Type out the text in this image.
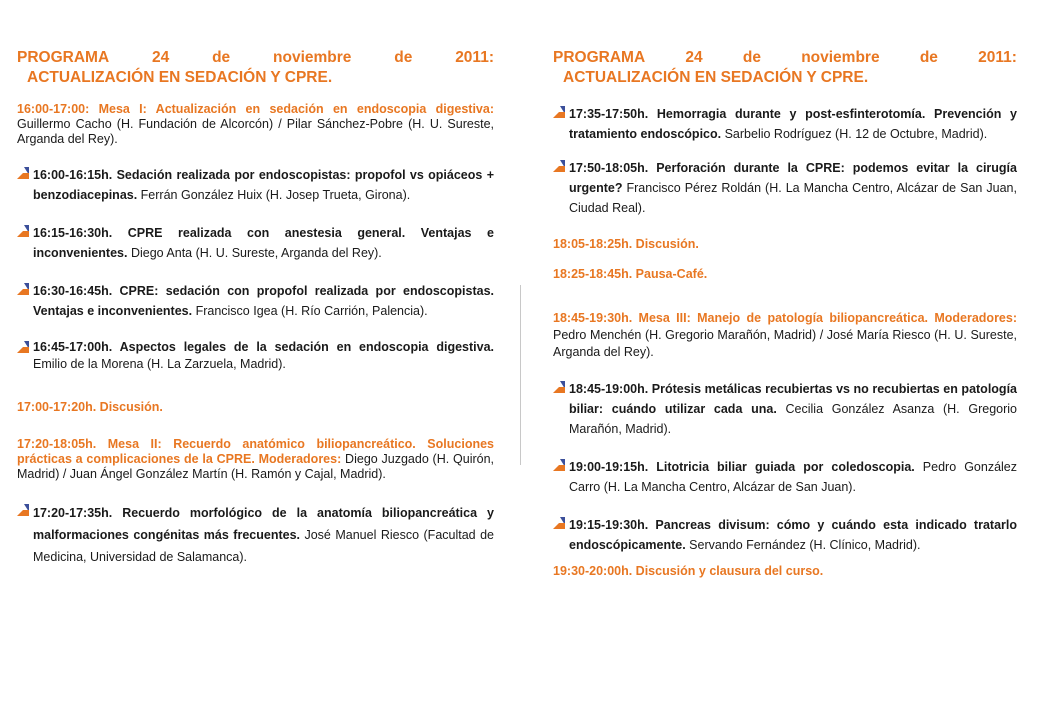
PROGRAMA	24	de	noviembre	de	2011:
ACTUALIZACIÓN EN SEDACIÓN Y CPRE.

16:00-17:00: Mesa I: Actualización en sedación en endoscopia digestiva: Guillermo Cacho (H. Fundación de Alcorcón) / Pilar Sánchez-Pobre (H. U. Sureste, Arganda del Rey).

16:00-16:15h. Sedación realizada por endoscopistas: propofol vs opiáceos + benzodiacepinas. Ferrán González Huix (H. Josep Trueta, Girona).
16:15-16:30h. CPRE realizada con anestesia general. Ventajas e inconvenientes. Diego Anta (H. U. Sureste, Arganda del Rey).
16:30-16:45h. CPRE: sedación con propofol realizada por endoscopistas. Ventajas e inconvenientes. Francisco Igea (H. Río Carrión, Palencia).
16:45-17:00h. Aspectos legales de la sedación en endoscopia digestiva. Emilio de la Morena (H. La Zarzuela, Madrid).

17:00-17:20h. Discusión.

17:20-18:05h. Mesa II: Recuerdo anatómico biliopancreático. Soluciones prácticas a complicaciones de la CPRE. Moderadores: Diego Juzgado (H. Quirón, Madrid) / Juan Ángel González Martín (H. Ramón y Cajal, Madrid).

17:20-17:35h. Recuerdo morfológico de la anatomía biliopancreática y malformaciones congénitas más frecuentes. José Manuel Riesco (Facultad de Medicina, Universidad de Salamanca).
PROGRAMA	24	de	noviembre	de	2011:
ACTUALIZACIÓN EN SEDACIÓN Y CPRE.
17:35-17:50h. Hemorragia durante y post-esfinterotomía. Prevención y tratamiento endoscópico. Sarbelio Rodríguez (H. 12 de Octubre, Madrid).
17:50-18:05h. Perforación durante la CPRE: podemos evitar la cirugía urgente? Francisco Pérez Roldán (H. La Mancha Centro, Alcázar de San Juan, Ciudad Real).

18:05-18:25h. Discusión.

18:25-18:45h. Pausa-Café.

18:45-19:30h. Mesa III: Manejo de patología biliopancreática. Moderadores: Pedro Menchén (H. Gregorio Marañón, Madrid) / José María Riesco (H. U. Sureste, Arganda del Rey).

18:45-19:00h. Prótesis metálicas recubiertas vs no recubiertas en patología biliar: cuándo utilizar cada una. Cecilia González Asanza (H. Gregorio Marañón, Madrid).
19:00-19:15h. Litotricia biliar guiada por coledoscopia. Pedro González Carro (H. La Mancha Centro, Alcázar de San Juan).
19:15-19:30h. Pancreas divisum: cómo y cuándo esta indicado tratarlo endoscópicamente. Servando Fernández (H. Clínico, Madrid).

19:30-20:00h. Discusión y clausura del curso.
